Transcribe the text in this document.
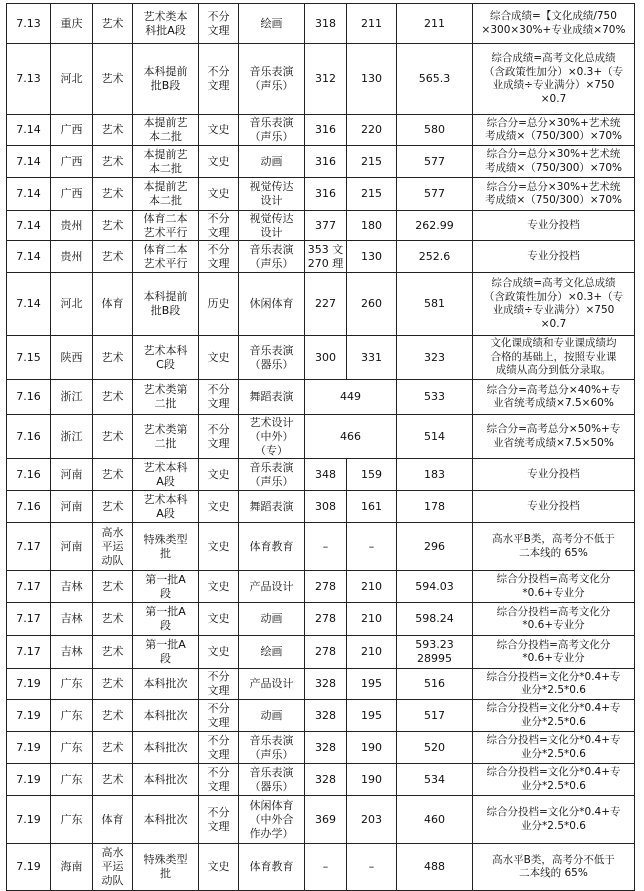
7.13	重庆	艺术	艺术类本
科批A段	不分
文理	绘画	318	211	211	综合成绩=【文化成绩/750
×300×30%+专业成绩×70%
7.13	河北	艺术	本科提前
批B段	不分
文理	音乐表演
（声乐）	312	130	565.3	综合成绩=高考文化总成绩
（含政策性加分）×0.3+（专
业成绩÷专业满分）×750
×0.7
7.14	广西	艺术	本提前艺
本二批	文史	音乐表演
（声乐）	316	220	580	综合分=总分×30%+艺术统
考成绩×（750/300）×70%
7.14	广西	艺术	本提前艺
本二批	文史	动画	316	215	577	综合分=总分×30%+艺术统
考成绩×（750/300）×70%
7.14	广西	艺术	本提前艺
本二批	文史	视觉传达
设计	316	215	577	综合分=总分×30%+艺术统
考成绩×（750/300）×70%
7.14	贵州	艺术	体育二本
艺术平行	不分
文理	视觉传达
设计	377	180	262.99	专业分投档
7.14	贵州	艺术	体育二本
艺术平行	不分
文理	音乐表演
（声乐）	353 文
270 理	130	252.6	专业分投档
7.14	河北	体育	本科提前
批B段	历史	休闲体育	227	260	581	综合成绩=高考文化总成绩
（含政策性加分）×0.3+（专
业成绩÷专业满分）×750
×0.7
7.15	陕西	艺术	艺术本科
C段	文史	音乐表演
（器乐）	300	331	323	文化课成绩和专业课成绩均
合格的基础上，按照专业课
成绩从高分到低分录取。
7.16	浙江	艺术	艺术类第
二批	不分
文理	舞蹈表演	449		533	综合分=高考总分×40%+专
业省统考成绩×7.5×60%
7.16	浙江	艺术	艺术类第
二批	不分
文理	艺术设计
（中外）
（专）	466		514	综合分=高考总分×50%+专
业省统考成绩×7.5×50%
7.16	河南	艺术	艺术本科
A段	文史	音乐表演
（声乐）	348	159	183	专业分投档
7.16	河南	艺术	艺术本科
A段	文史	舞蹈表演	308	161	178	专业分投档
7.17	河南	高水
平运
动队	特殊类型
批	文史	体育教育	–	–	296	高水平B类，高考分不低于
二本线的 65%
7.17	吉林	艺术	第一批A
段	文史	产品设计	278	210	594.03	综合分投档=高考文化分
*0.6+专业分
7.17	吉林	艺术	第一批A
段	文史	动画	278	210	598.24	综合分投档=高考文化分
*0.6+专业分
7.17	吉林	艺术	第一批A
段	文史	绘画	278	210	593.23
28995	综合分投档=高考文化分
*0.6+专业分
7.19	广东	艺术	本科批次	不分
文理	产品设计	328	195	516	综合分投档=文化分*0.4+专
业分*2.5*0.6
7.19	广东	艺术	本科批次	不分
文理	动画	328	195	517	综合分投档=文化分*0.4+专
业分*2.5*0.6
7.19	广东	艺术	本科批次	不分
文理	音乐表演
（声乐）	328	190	520	综合分投档=文化分*0.4+专
业分*2.5*0.6
7.19	广东	艺术	本科批次	不分
文理	音乐表演
（器乐）	328	190	534	综合分投档=文化分*0.4+专
业分*2.5*0.6
7.19	广东	体育	本科批次	不分
文理	休闲体育
（中外合
作办学）	369	203	460	综合分投档=文化分*0.4+专
业分*2.5*0.6
7.19	海南	高水
平运
动队	特殊类型
批	文史	体育教育	–	–	488	高水平B类，高考分不低于
二本线的 65%
